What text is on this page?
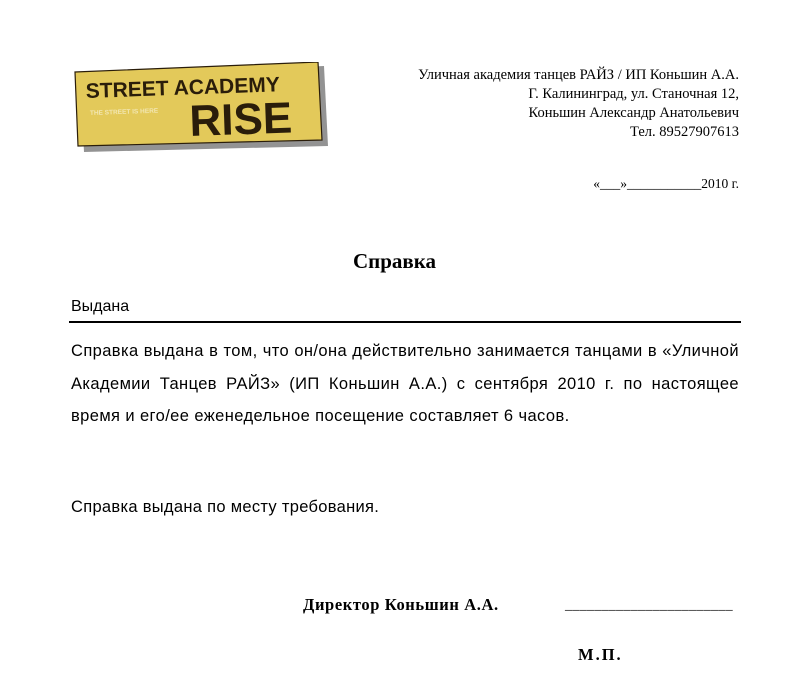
STREET ACADEMY
THE STREET IS HERE RISE
Уличная академия танцев РАЙЗ / ИП Коньшин А.А.
Г. Калининград, ул. Станочная 12,
Коньшин Александр Анатольевич
Тел. 89527907613
«___»___________2010 г.
Справка
Выдана
Справка выдана в том, что он/она действительно занимается танцами в «Уличной Академии Танцев РАЙЗ» (ИП Коньшин А.А.) с сентября 2010 г. по настоящее время и его/ее еженедельное посещение составляет 6 часов.
Справка выдана по месту требования.
Директор Коньшин А.А.	_______________________
М.П.
